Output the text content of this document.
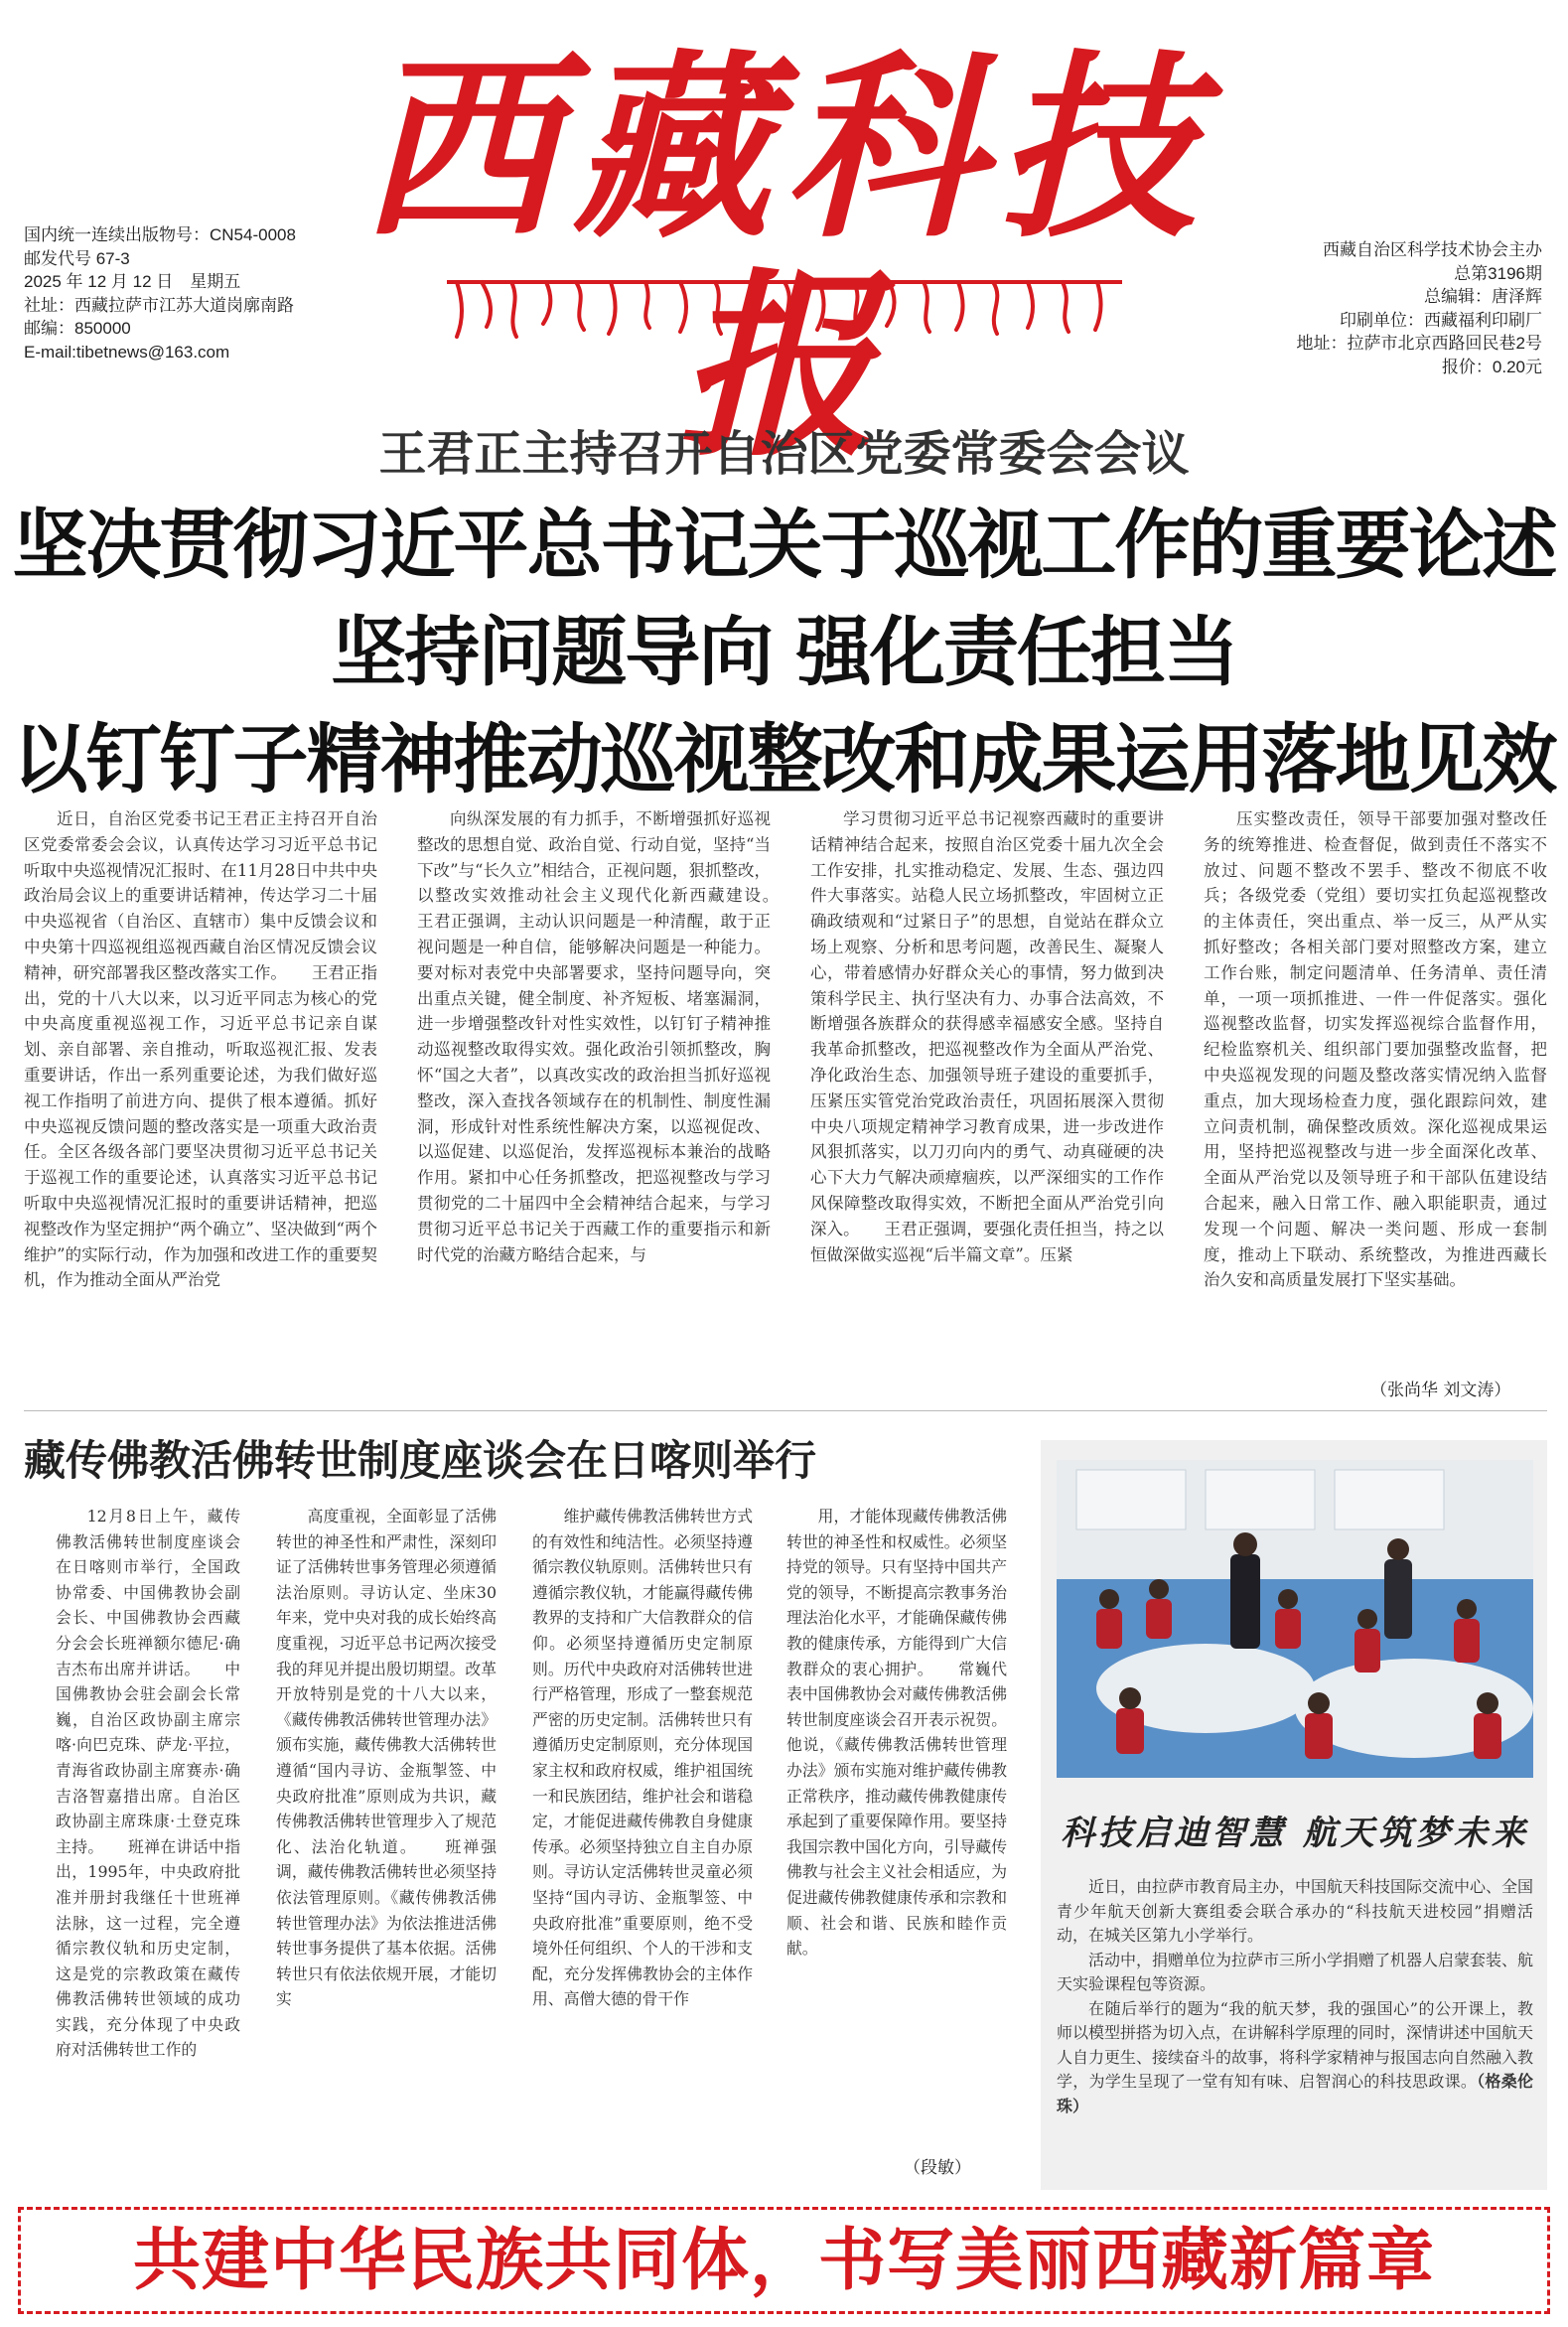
西藏科技报
国内统一连续出版物号：CN54-0008
邮发代号 67-3
2025 年 12 月 12 日　星期五
社址：西藏拉萨市江苏大道岗廓南路
邮编：850000
E-mail:tibetnews@163.com
西藏自治区科学技术协会主办
总第3196期
总编辑：唐泽辉
印刷单位：西藏福利印刷厂
地址：拉萨市北京西路回民巷2号
报价：0.20元
王君正主持召开自治区党委常委会会议
坚决贯彻习近平总书记关于巡视工作的重要论述
坚持问题导向 强化责任担当
以钉钉子精神推动巡视整改和成果运用落地见效

近日，自治区党委书记王君正主持召开自治区党委常委会会议，认真传达学习习近平总书记听取中央巡视情况汇报时、在11月28日中共中央政治局会议上的重要讲话精神，传达学习二十届中央巡视省（自治区、直辖市）集中反馈会议和中央第十四巡视组巡视西藏自治区情况反馈会议精神，研究部署我区整改落实工作。　　王君正指出，党的十八大以来，以习近平同志为核心的党中央高度重视巡视工作，习近平总书记亲自谋划、亲自部署、亲自推动，听取巡视汇报、发表重要讲话，作出一系列重要论述，为我们做好巡视工作指明了前进方向、提供了根本遵循。抓好中央巡视反馈问题的整改落实是一项重大政治责任。全区各级各部门要坚决贯彻习近平总书记关于巡视工作的重要论述，认真落实习近平总书记听取中央巡视情况汇报时的重要讲话精神，把巡视整改作为坚定拥护“两个确立”、坚决做到“两个维护”的实际行动，作为加强和改进工作的重要契机，作为推动全面从严治党

向纵深发展的有力抓手，不断增强抓好巡视整改的思想自觉、政治自觉、行动自觉，坚持“当下改”与“长久立”相结合，正视问题，狠抓整改，以整改实效推动社会主义现代化新西藏建设。　　王君正强调，主动认识问题是一种清醒，敢于正视问题是一种自信，能够解决问题是一种能力。要对标对表党中央部署要求，坚持问题导向，突出重点关键，健全制度、补齐短板、堵塞漏洞，进一步增强整改针对性实效性，以钉钉子精神推动巡视整改取得实效。强化政治引领抓整改，胸怀“国之大者”，以真改实改的政治担当抓好巡视整改，深入查找各领域存在的机制性、制度性漏洞，形成针对性系统性解决方案，以巡视促改、以巡促建、以巡促治，发挥巡视标本兼治的战略作用。紧扣中心任务抓整改，把巡视整改与学习贯彻党的二十届四中全会精神结合起来，与学习贯彻习近平总书记关于西藏工作的重要指示和新时代党的治藏方略结合起来，与

学习贯彻习近平总书记视察西藏时的重要讲话精神结合起来，按照自治区党委十届九次全会工作安排，扎实推动稳定、发展、生态、强边四件大事落实。站稳人民立场抓整改，牢固树立正确政绩观和“过紧日子”的思想，自觉站在群众立场上观察、分析和思考问题，改善民生、凝聚人心，带着感情办好群众关心的事情，努力做到决策科学民主、执行坚决有力、办事合法高效，不断增强各族群众的获得感幸福感安全感。坚持自我革命抓整改，把巡视整改作为全面从严治党、净化政治生态、加强领导班子建设的重要抓手，压紧压实管党治党政治责任，巩固拓展深入贯彻中央八项规定精神学习教育成果，进一步改进作风狠抓落实，以刀刃向内的勇气、动真碰硬的决心下大力气解决顽瘴痼疾，以严深细实的工作作风保障整改取得实效，不断把全面从严治党引向深入。　　王君正强调，要强化责任担当，持之以恒做深做实巡视“后半篇文章”。压紧

压实整改责任，领导干部要加强对整改任务的统筹推进、检查督促，做到责任不落实不放过、问题不整改不罢手、整改不彻底不收兵；各级党委（党组）要切实扛负起巡视整改的主体责任，突出重点、举一反三，从严从实抓好整改；各相关部门要对照整改方案，建立工作台账，制定问题清单、任务清单、责任清单，一项一项抓推进、一件一件促落实。强化巡视整改监督，切实发挥巡视综合监督作用，纪检监察机关、组织部门要加强整改监督，把中央巡视发现的问题及整改落实情况纳入监督重点，加大现场检查力度，强化跟踪问效，建立问责机制，确保整改质效。深化巡视成果运用，坚持把巡视整改与进一步全面深化改革、全面从严治党以及领导班子和干部队伍建设结合起来，融入日常工作、融入职能职责，通过发现一个问题、解决一类问题、形成一套制度，推动上下联动、系统整改，为推进西藏长治久安和高质量发展打下坚实基础。

（张尚华 刘文涛）
藏传佛教活佛转世制度座谈会在日喀则举行

12月8日上午，藏传佛教活佛转世制度座谈会在日喀则市举行，全国政协常委、中国佛教协会副会长、中国佛教协会西藏分会会长班禅额尔德尼·确吉杰布出席并讲话。　　中国佛教协会驻会副会长常巍，自治区政协副主席宗喀·向巴克珠、萨龙·平拉，青海省政协副主席赛赤·确吉洛智嘉措出席。自治区政协副主席珠康·土登克珠主持。　　班禅在讲话中指出，1995年，中央政府批准并册封我继任十世班禅法脉，这一过程，完全遵循宗教仪轨和历史定制，这是党的宗教政策在藏传佛教活佛转世领域的成功实践，充分体现了中央政府对活佛转世工作的

高度重视，全面彰显了活佛转世的神圣性和严肃性，深刻印证了活佛转世事务管理必须遵循法治原则。寻访认定、坐床30年来，党中央对我的成长始终高度重视，习近平总书记两次接受我的拜见并提出殷切期望。改革开放特别是党的十八大以来，《藏传佛教活佛转世管理办法》颁布实施，藏传佛教大活佛转世遵循“国内寻访、金瓶掣签、中央政府批准”原则成为共识，藏传佛教活佛转世管理步入了规范化、法治化轨道。　　班禅强调，藏传佛教活佛转世必须坚持依法管理原则。《藏传佛教活佛转世管理办法》为依法推进活佛转世事务提供了基本依据。活佛转世只有依法依规开展，才能切实

维护藏传佛教活佛转世方式的有效性和纯洁性。必须坚持遵循宗教仪轨原则。活佛转世只有遵循宗教仪轨，才能赢得藏传佛教界的支持和广大信教群众的信仰。必须坚持遵循历史定制原则。历代中央政府对活佛转世进行严格管理，形成了一整套规范严密的历史定制。活佛转世只有遵循历史定制原则，充分体现国家主权和政府权威，维护祖国统一和民族团结，维护社会和谐稳定，才能促进藏传佛教自身健康传承。必须坚持独立自主自办原则。寻访认定活佛转世灵童必须坚持“国内寻访、金瓶掣签、中央政府批准”重要原则，绝不受境外任何组织、个人的干涉和支配，充分发挥佛教协会的主体作用、高僧大德的骨干作

用，才能体现藏传佛教活佛转世的神圣性和权威性。必须坚持党的领导。只有坚持中国共产党的领导，不断提高宗教事务治理法治化水平，才能确保藏传佛教的健康传承，方能得到广大信教群众的衷心拥护。　　常巍代表中国佛教协会对藏传佛教活佛转世制度座谈会召开表示祝贺。他说，《藏传佛教活佛转世管理办法》颁布实施对维护藏传佛教正常秩序，推动藏传佛教健康传承起到了重要保障作用。要坚持我国宗教中国化方向，引导藏传佛教与社会主义社会相适应，为促进藏传佛教健康传承和宗教和顺、社会和谐、民族和睦作贡献。

（段敏）
科技启迪智慧 航天筑梦未来

近日，由拉萨市教育局主办，中国航天科技国际交流中心、全国青少年航天创新大赛组委会联合承办的“科技航天进校园”捐赠活动，在城关区第九小学举行。

活动中，捐赠单位为拉萨市三所小学捐赠了机器人启蒙套装、航天实验课程包等资源。

在随后举行的题为“我的航天梦，我的强国心”的公开课上，教师以模型拼搭为切入点，在讲解科学原理的同时，深情讲述中国航天人自力更生、接续奋斗的故事，将科学家精神与报国志向自然融入教学，为学生呈现了一堂有知有味、启智润心的科技思政课。（格桑伦珠）

共建中华民族共同体，书写美丽西藏新篇章
